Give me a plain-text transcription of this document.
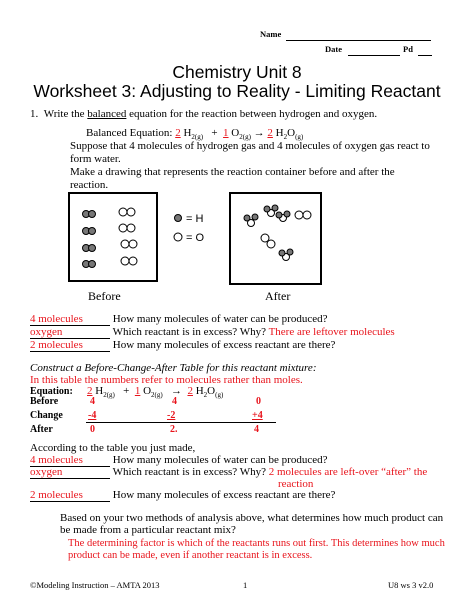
Name
Date	Pd
Chemistry Unit 8
Worksheet 3: Adjusting to Reality - Limiting Reactant
1. Write the balanced equation for the reaction between hydrogen and oxygen.
Balanced Equation: 2 $H_{2(g)} + 1$ $O_{2(g)} \to 2$ $H_2O_{(g)}$
Suppose that 4 molecules of hydrogen gas and 4 molecules of oxygen gas react to
form water.
Make a drawing that represents the reaction container before and after the
reaction.
Before
= H
= O
After
4 molecules	How many molecules of water can be produced?
oxygen	Which reactant is in excess? Why? There are leftover molecules
2 molecules	How many molecules of excess reactant are there?
Construct a Before-Change-After Table for this reactant mixture:
In this table the numbers refer to molecules rather than moles.
Equation: 2 $H_{2(g)} + 1$ $O_{2(g)} \to 2$ $H_2O_{(g)}$
Before	4	4	0
Change	-4	-2	+4
After	0	2.	4
According to the table you just made,
4 molecules	How many molecules of water can be produced?
oxygen	Which reactant is in excess? Why? 2 molecules are left-over “after” the
reaction
2 molecules	How many molecules of excess reactant are there?
Based on your two methods of analysis above, what determines how much product can
be made from a particular reactant mix?
The determining factor is which of the reactants runs out first. This determines how much
product can be made, even if another reactant is in excess.
©Modeling Instruction – AMTA 2013	1	U8 ws 3 v2.0
